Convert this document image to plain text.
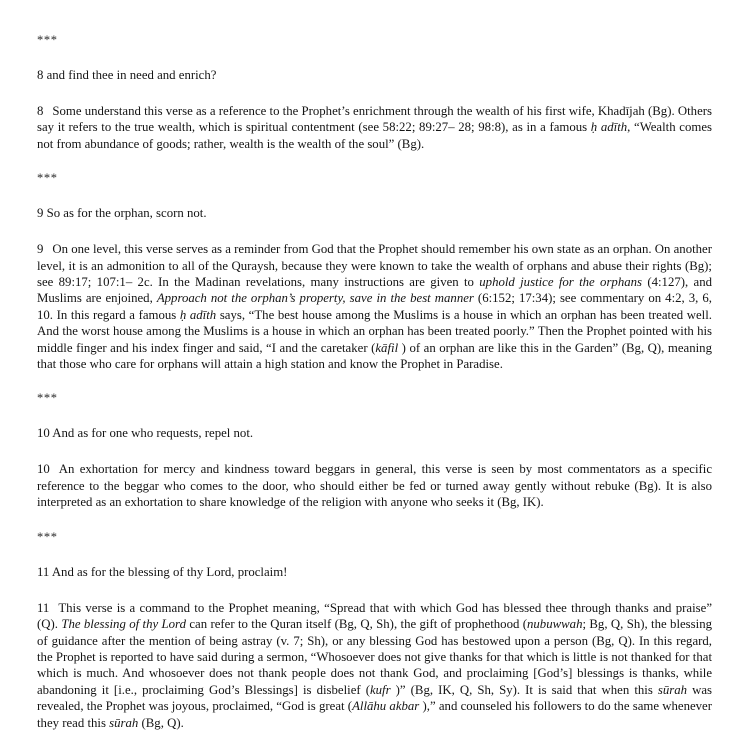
***

8 and find thee in need and enrich?

8 Some understand this verse as a reference to the Prophet’s enrichment through the wealth of his first wife, Khadījah (Bg). Others say it refers to the true wealth, which is spiritual contentment (see 58:22; 89:27– 28; 98:8), as in a famous ḥ adīth, “Wealth comes not from abundance of goods; rather, wealth is the wealth of the soul” (Bg).

***

9 So as for the orphan, scorn not.

9 On one level, this verse serves as a reminder from God that the Prophet should remember his own state as an orphan. On another level, it is an admonition to all of the Quraysh, because they were known to take the wealth of orphans and abuse their rights (Bg); see 89:17; 107:1– 2c. In the Madinan revelations, many instructions are given to uphold justice for the orphans (4:127), and Muslims are enjoined, Approach not the orphan’s property, save in the best manner (6:152; 17:34); see commentary on 4:2, 3, 6, 10. In this regard a famous ḥ adīth says, “The best house among the Muslims is a house in which an orphan has been treated well. And the worst house among the Muslims is a house in which an orphan has been treated poorly.” Then the Prophet pointed with his middle finger and his index finger and said, “I and the caretaker (kāfil ) of an orphan are like this in the Garden” (Bg, Q), meaning that those who care for orphans will attain a high station and know the Prophet in Paradise.

***

10 And as for one who requests, repel not.

10 An exhortation for mercy and kindness toward beggars in general, this verse is seen by most commentators as a specific reference to the beggar who comes to the door, who should either be fed or turned away gently without rebuke (Bg). It is also interpreted as an exhortation to share knowledge of the religion with anyone who seeks it (Bg, IK).

***

11 And as for the blessing of thy Lord, proclaim!

11 This verse is a command to the Prophet meaning, “Spread that with which God has blessed thee through thanks and praise” (Q). The blessing of thy Lord can refer to the Quran itself (Bg, Q, Sh), the gift of prophethood (nubuwwah; Bg, Q, Sh), the blessing of guidance after the mention of being astray (v. 7; Sh), or any blessing God has bestowed upon a person (Bg, Q). In this regard, the Prophet is reported to have said during a sermon, “Whosoever does not give thanks for that which is little is not thanked for that which is much. And whosoever does not thank people does not thank God, and proclaiming [God’s] blessings is thanks, while abandoning it [i.e., proclaiming God’s Blessings] is disbelief (kufr )” (Bg, IK, Q, Sh, Sy). It is said that when this sūrah was revealed, the Prophet was joyous, proclaimed, “God is great (Allāhu akbar ),” and counseled his followers to do the same whenever they read this sūrah (Bg, Q).
